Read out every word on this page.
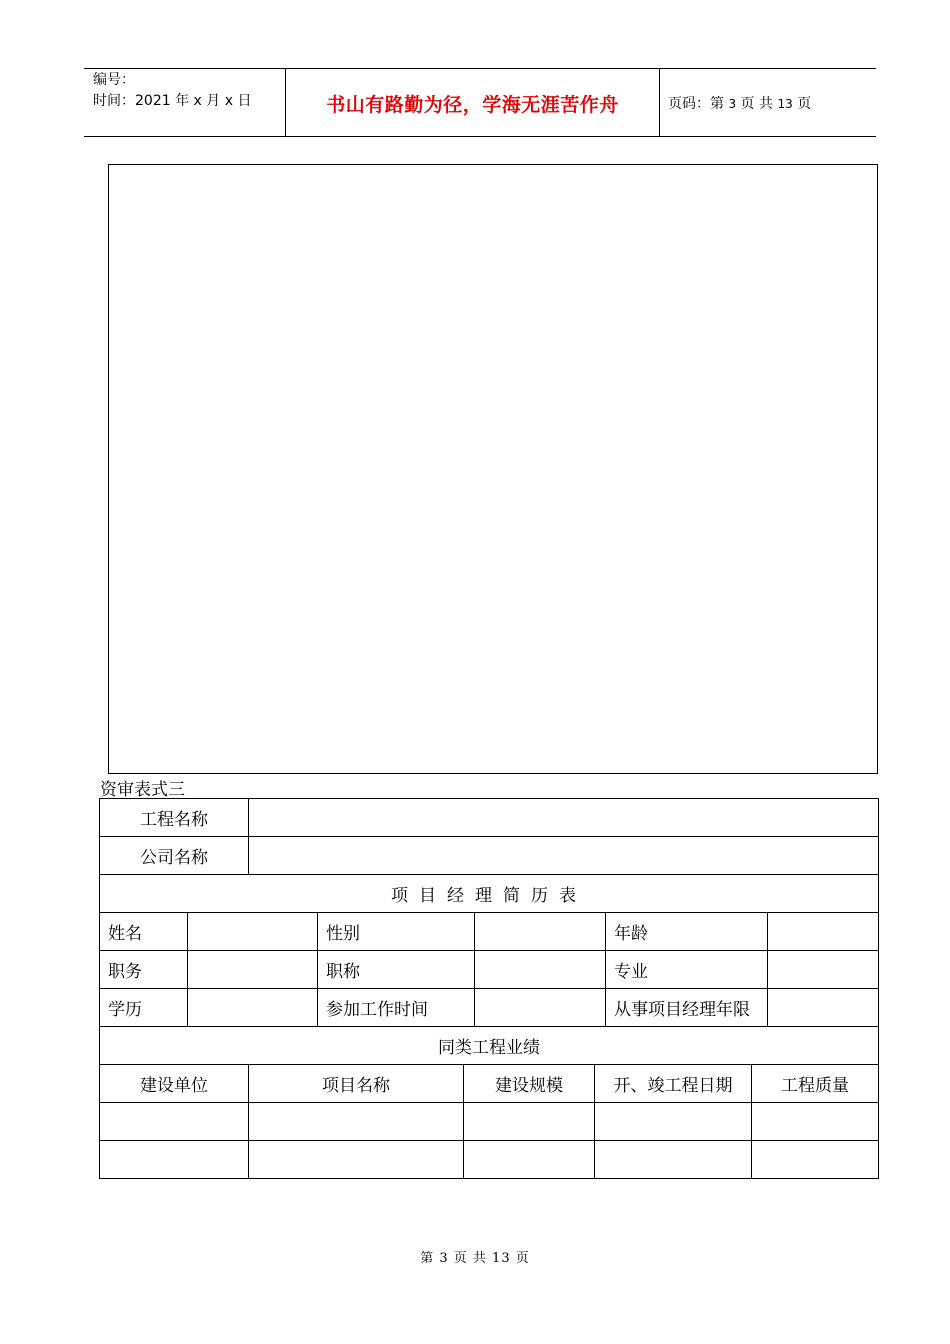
编号：
时间：2021 年 x 月 x 日	书山有路勤为径，学海无涯苦作舟	页码：第 3 页 共 13 页
资审表式三
工程名称									
公司名称									
项目经理简历表									
姓名			性别				年龄		
职务			职称				专业		
学历			参加工作时间				从事项目经理年限		
同类工程业绩									
建设单位		项目名称		建设规模		开、竣工程日期		工程质量	

第 3 页 共 13 页
